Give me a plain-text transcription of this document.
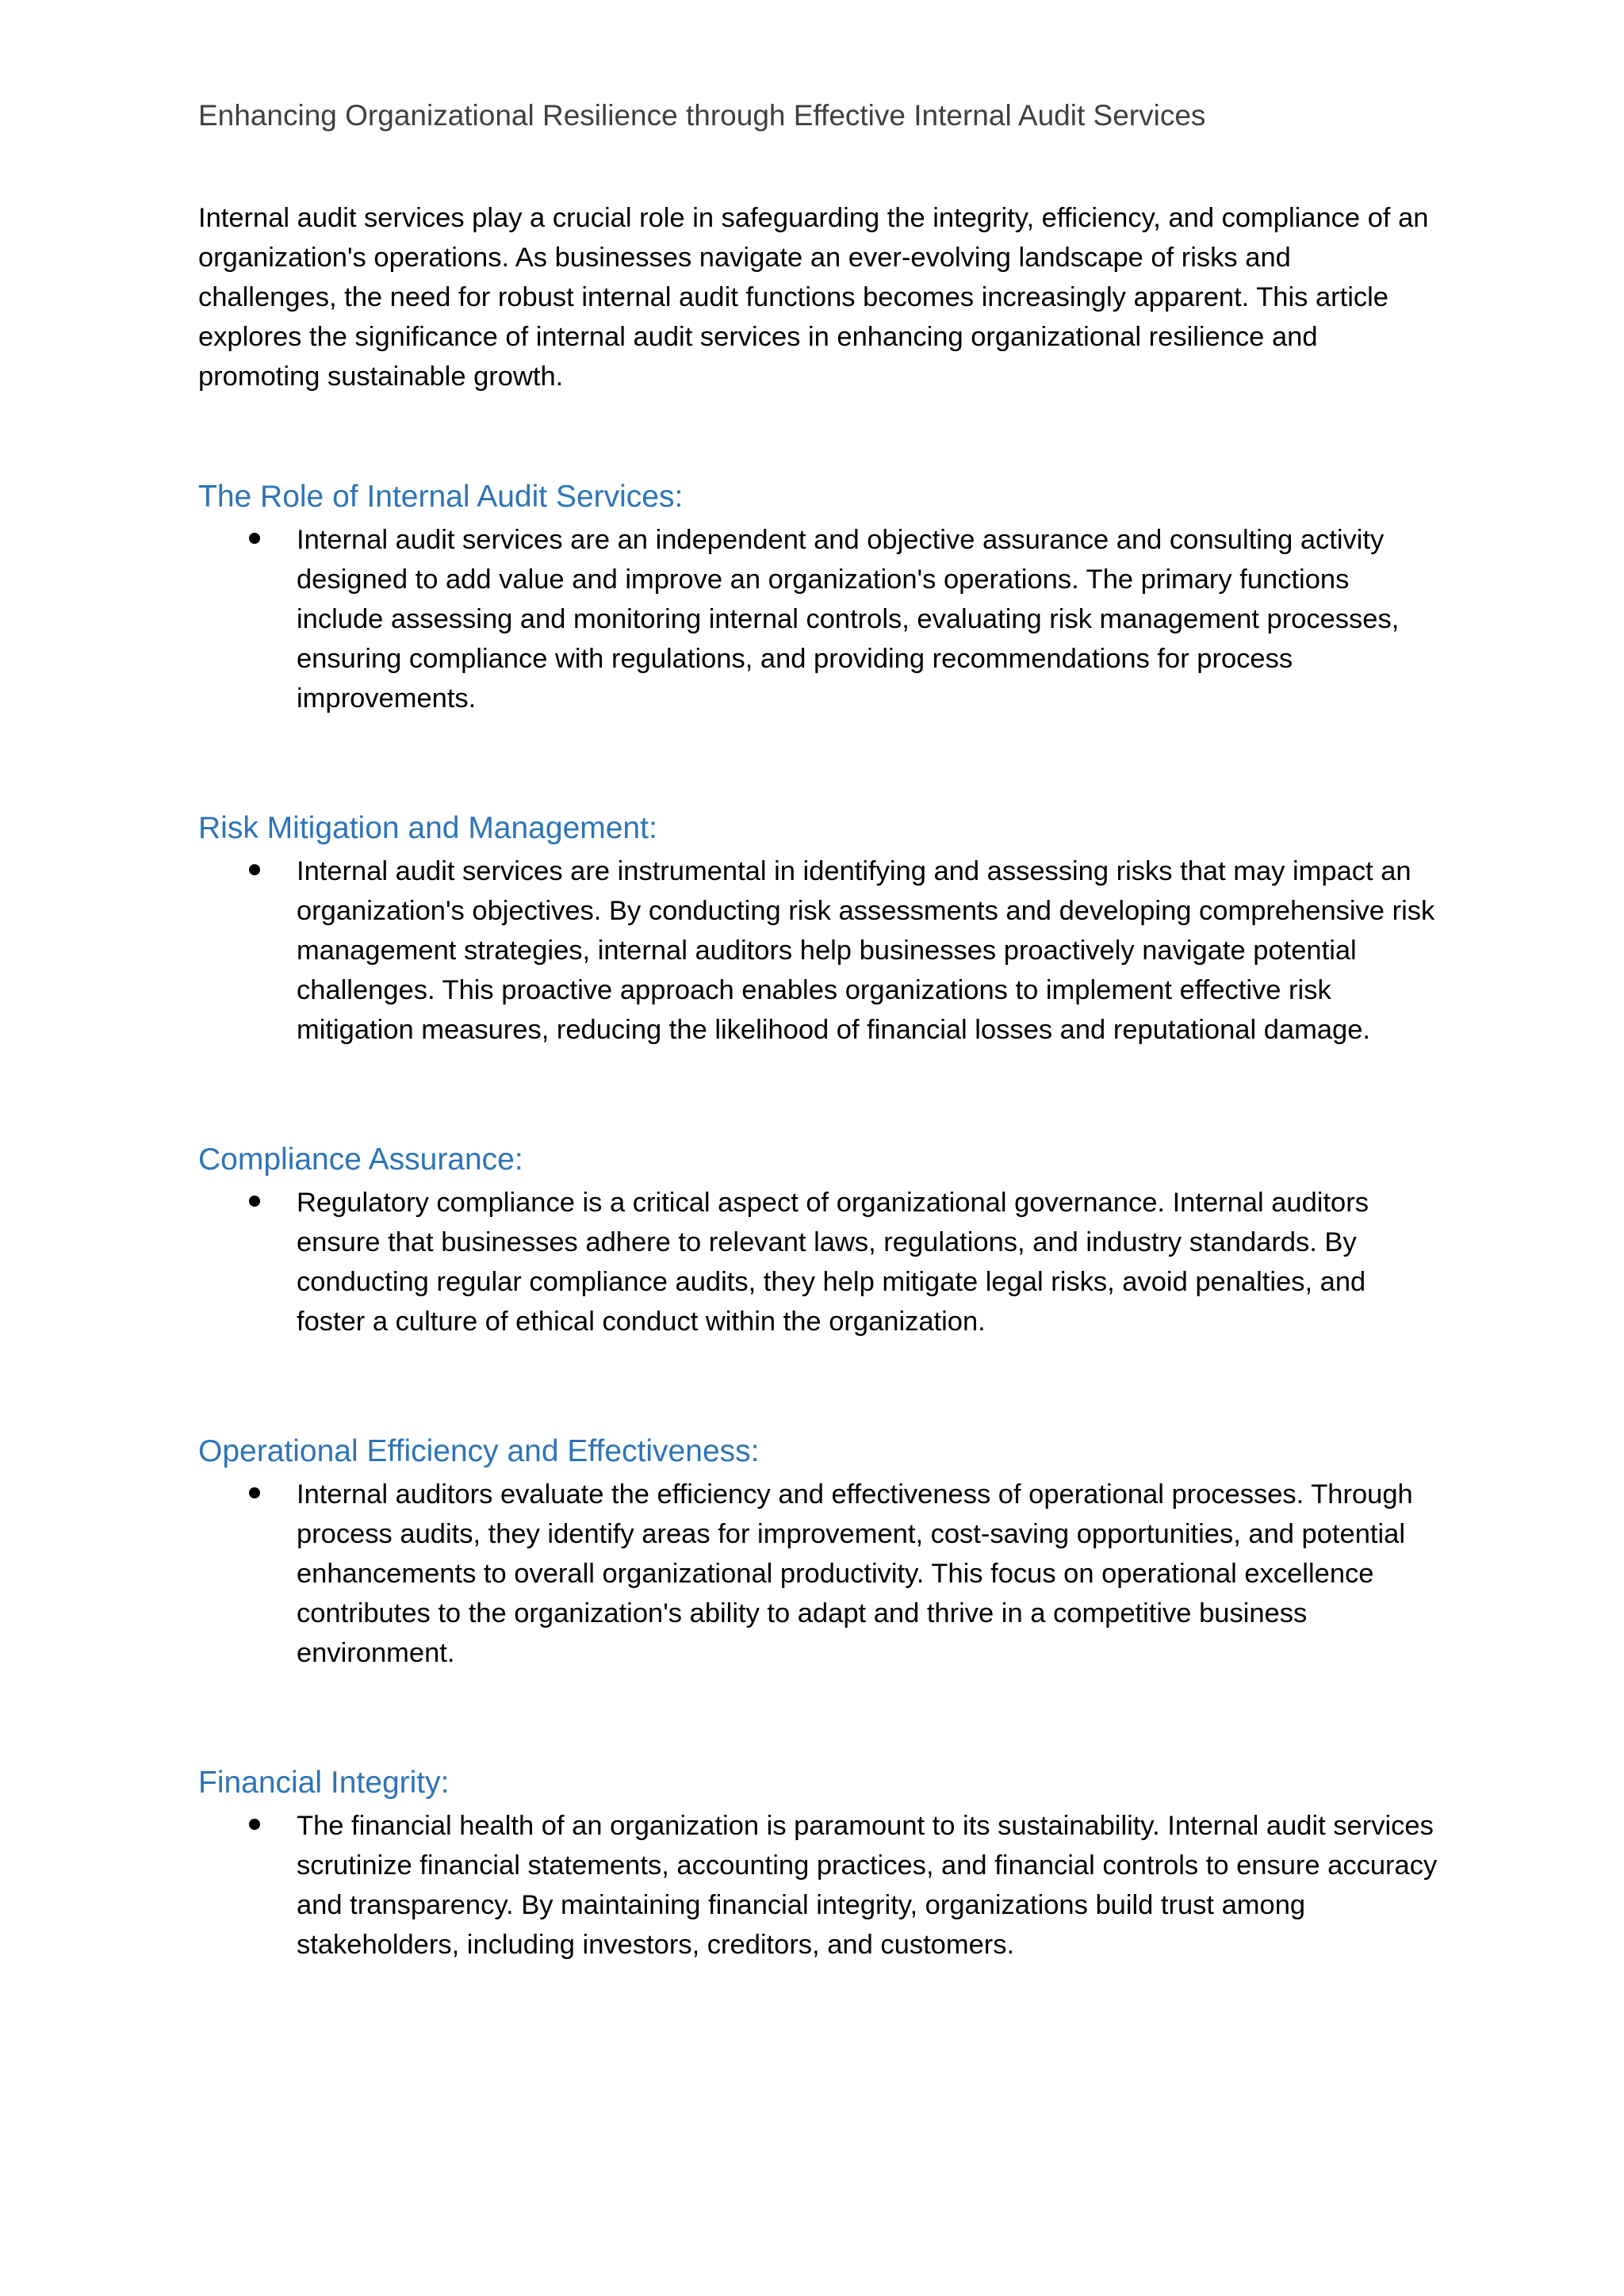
Enhancing Organizational Resilience through Effective Internal Audit Services

Internal audit services play a crucial role in safeguarding the integrity, efficiency, and compliance of an organization's operations. As businesses navigate an ever-evolving landscape of risks and challenges, the need for robust internal audit functions becomes increasingly apparent. This article explores the significance of internal audit services in enhancing organizational resilience and promoting sustainable growth.

The Role of Internal Audit Services:

Internal audit services are an independent and objective assurance and consulting activity designed to add value and improve an organization's operations. The primary functions include assessing and monitoring internal controls, evaluating risk management processes, ensuring compliance with regulations, and providing recommendations for process improvements.

Risk Mitigation and Management:

Internal audit services are instrumental in identifying and assessing risks that may impact an organization's objectives. By conducting risk assessments and developing comprehensive risk management strategies, internal auditors help businesses proactively navigate potential challenges. This proactive approach enables organizations to implement effective risk mitigation measures, reducing the likelihood of financial losses and reputational damage.

Compliance Assurance:

Regulatory compliance is a critical aspect of organizational governance. Internal auditors ensure that businesses adhere to relevant laws, regulations, and industry standards. By conducting regular compliance audits, they help mitigate legal risks, avoid penalties, and foster a culture of ethical conduct within the organization.

Operational Efficiency and Effectiveness:

Internal auditors evaluate the efficiency and effectiveness of operational processes. Through process audits, they identify areas for improvement, cost-saving opportunities, and potential enhancements to overall organizational productivity. This focus on operational excellence contributes to the organization's ability to adapt and thrive in a competitive business environment.

Financial Integrity:

The financial health of an organization is paramount to its sustainability. Internal audit services scrutinize financial statements, accounting practices, and financial controls to ensure accuracy and transparency. By maintaining financial integrity, organizations build trust among stakeholders, including investors, creditors, and customers.
